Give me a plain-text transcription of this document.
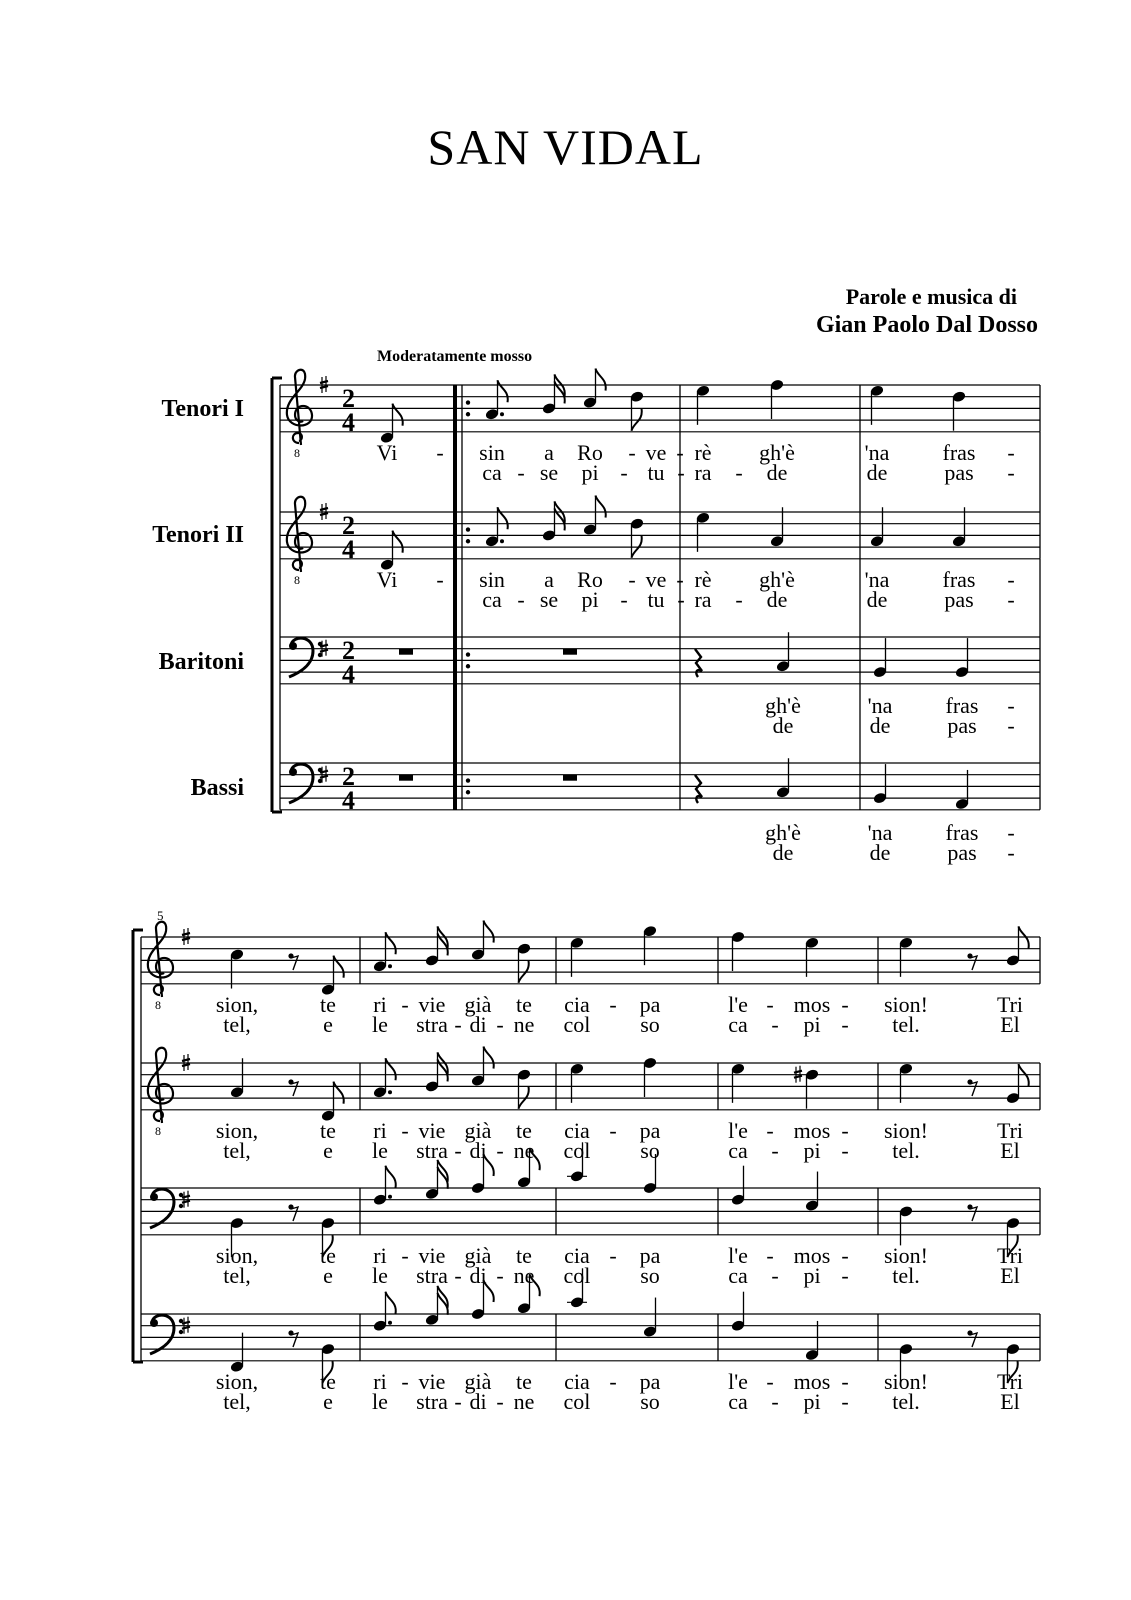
SAN VIDAL
Parole e musica di
Gian Paolo Dal Dosso
Moderatamente mosso
Tenori I
Tenori II
Baritoni
Bassi
5
8
8
2
4
2
4
2
4
2
4
Vi - sin a Ro - ve - rè gh'è	'na fras -
ca - se pi - tu - ra - de	de	pas -
Vi - sin a Ro - ve - rè gh'è	'na fras -
ca - se pi - tu - ra - de	de	pas -
gh'è	'na fras -
de	de	pas -
gh'è	'na fras -
de	de	pas -
8
8
sion,	te ri - vie già te cia - pa	l'e - mos - sion!	Tri
tel,	e le stra - di - ne col so	ca - pi - tel.	El
sion,	te ri - vie già te cia - pa	l'e - mos - sion!	Tri
tel,	e le stra - di - ne col so	ca - pi - tel.	El
sion,	te ri - vie già te cia - pa	l'e - mos - sion!	Tri
tel,	e le stra - di - ne col so	ca - pi - tel.	El
sion,	te ri - vie già te cia - pa	l'e - mos - sion!	Tri
tel,	e le stra - di - ne col so	ca - pi - tel.	El
